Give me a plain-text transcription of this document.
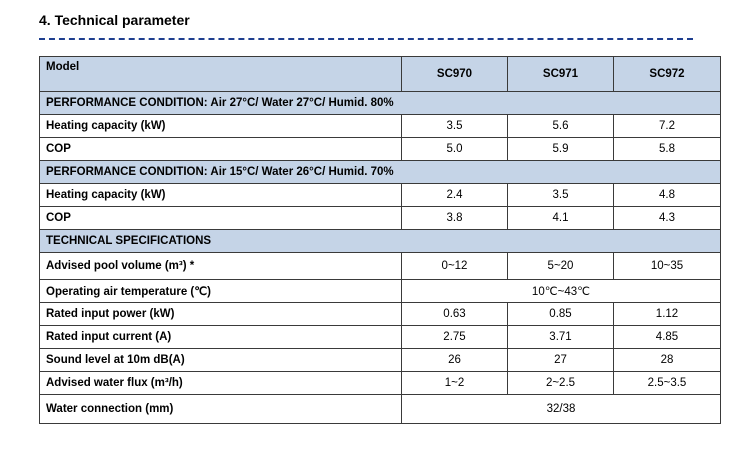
4. Technical parameter
Model	SC970	SC971	SC972
PERFORMANCE CONDITION: Air 27°C/ Water 27°C/ Humid. 80%			
Heating capacity (kW)	3.5	5.6	7.2
COP	5.0	5.9	5.8
PERFORMANCE CONDITION: Air 15°C/ Water 26°C/ Humid. 70%			
Heating capacity (kW)	2.4	3.5	4.8
COP	3.8	4.1	4.3
TECHNICAL SPECIFICATIONS			
Advised pool volume (m³) *	0~12	5~20	10~35
Operating air temperature (℃)	10℃~43℃		
Rated input power (kW)	0.63	0.85	1.12
Rated input current (A)	2.75	3.71	4.85
Sound level at 10m dB(A)	26	27	28
Advised water flux (m³/h)	1~2	2~2.5	2.5~3.5
Water connection (mm)	32/38		
